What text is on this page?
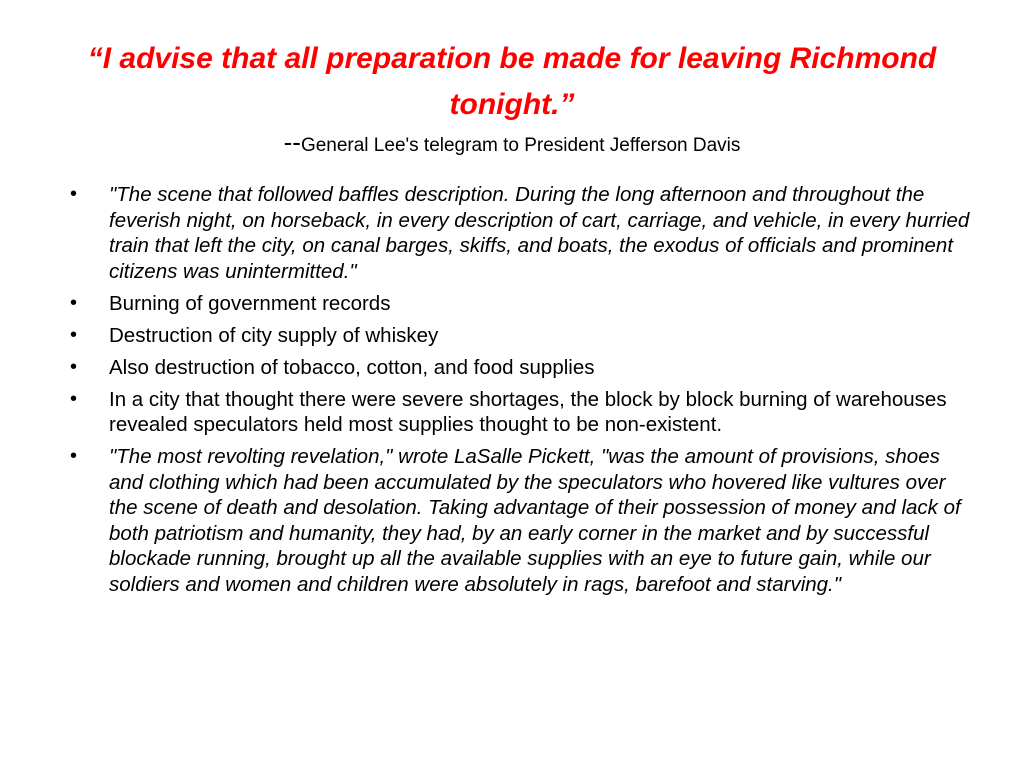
“I advise that all preparation be made for leaving Richmond tonight.”

--General Lee's telegram to President Jefferson Davis

•	"The scene that followed baffles description. During the long afternoon and throughout the feverish night, on horseback, in every description of cart, carriage, and vehicle, in every hurried train that left the city, on canal barges, skiffs, and boats, the exodus of officials and prominent citizens was unintermitted."
•	Burning of government records
•	Destruction of city supply of whiskey
•	Also destruction of tobacco, cotton, and food supplies
•	In a city that thought there were severe shortages, the block by block burning of warehouses revealed speculators held most supplies thought to be non-existent.
•	"The most revolting revelation," wrote LaSalle Pickett, "was the amount of provisions, shoes and clothing which had been accumulated by the speculators who hovered like vultures over the scene of death and desolation. Taking advantage of their possession of money and lack of both patriotism and humanity, they had, by an early corner in the market and by successful blockade running, brought up all the available supplies with an eye to future gain, while our soldiers and women and children were absolutely in rags, barefoot and starving."
